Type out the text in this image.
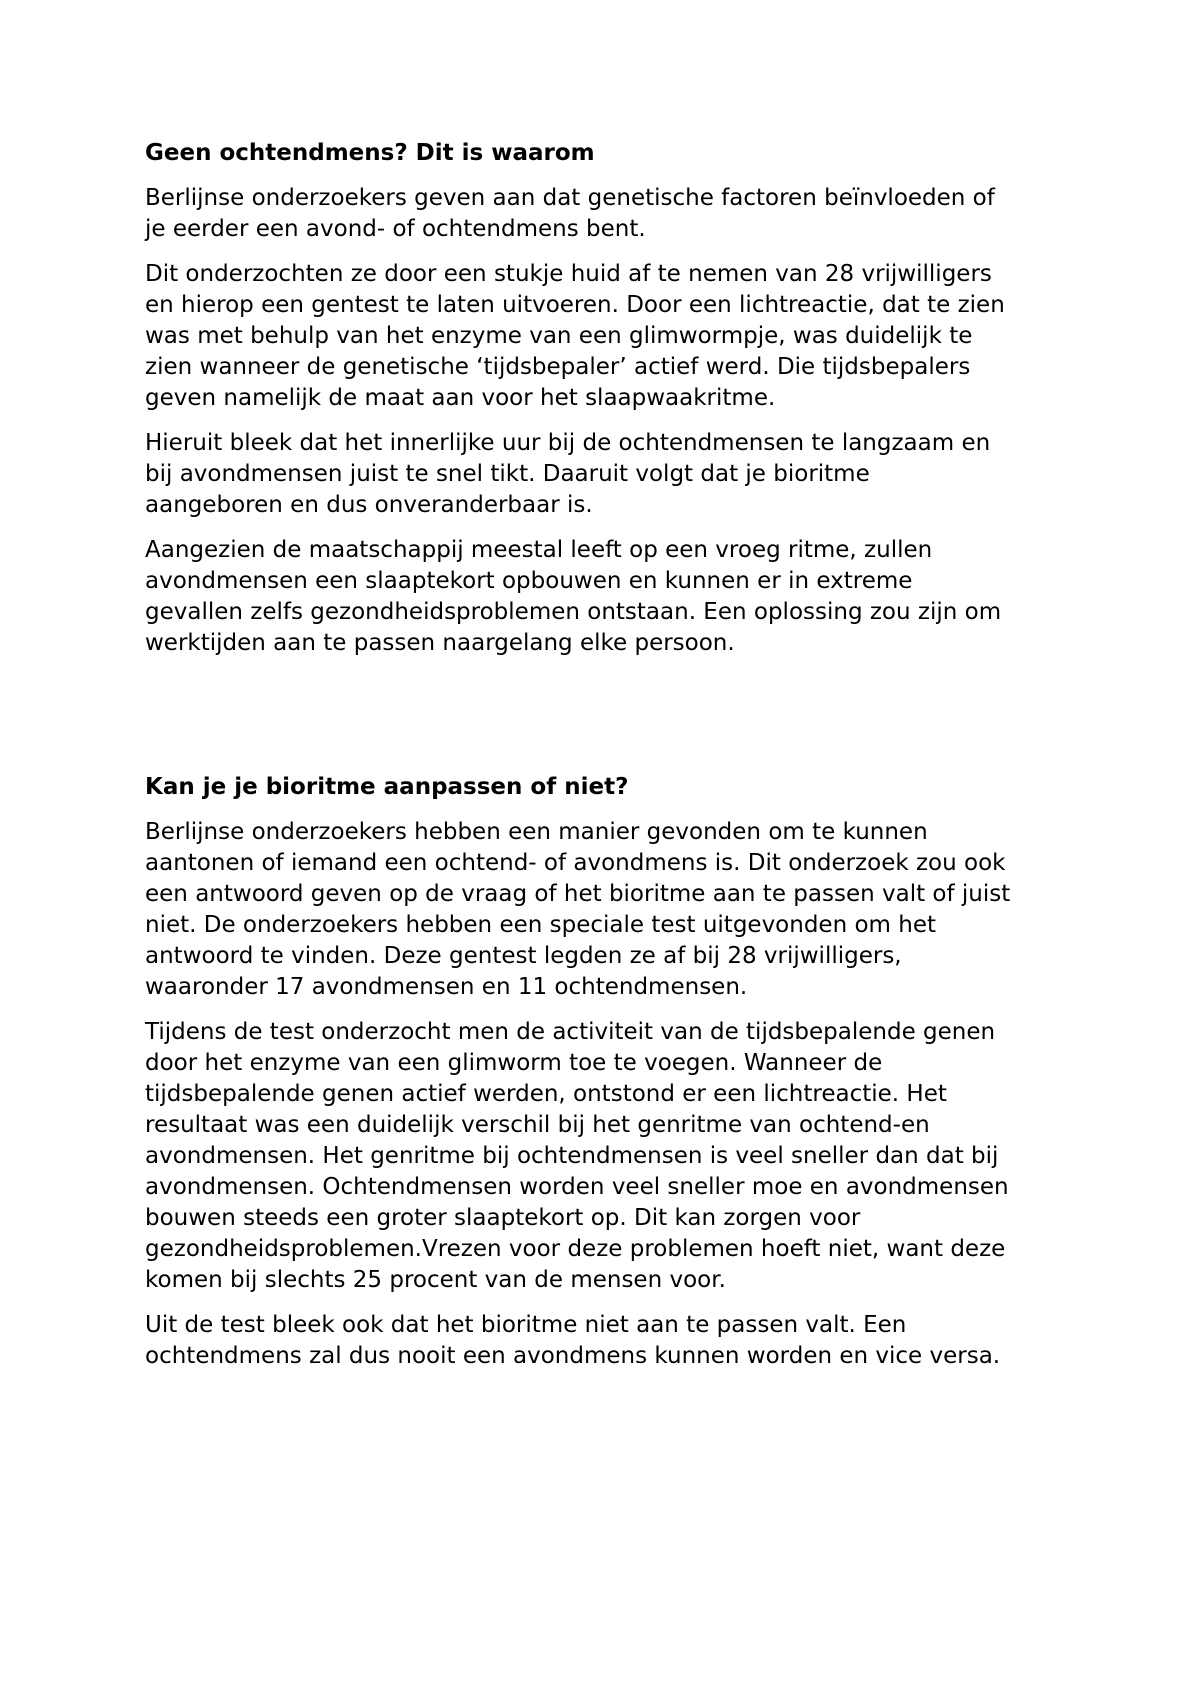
Geen ochtendmens? Dit is waarom

Berlijnse onderzoekers geven aan dat genetische factoren beïnvloeden of
je eerder een avond- of ochtendmens bent.

Dit onderzochten ze door een stukje huid af te nemen van 28 vrijwilligers
en hierop een gentest te laten uitvoeren. Door een lichtreactie, dat te zien
was met behulp van het enzyme van een glimwormpje, was duidelijk te
zien wanneer de genetische ‘tijdsbepaler’ actief werd. Die tijdsbepalers
geven namelijk de maat aan voor het slaapwaakritme.

Hieruit bleek dat het innerlijke uur bij de ochtendmensen te langzaam en
bij avondmensen juist te snel tikt. Daaruit volgt dat je bioritme
aangeboren en dus onveranderbaar is.

Aangezien de maatschappij meestal leeft op een vroeg ritme, zullen
avondmensen een slaaptekort opbouwen en kunnen er in extreme
gevallen zelfs gezondheidsproblemen ontstaan. Een oplossing zou zijn om
werktijden aan te passen naargelang elke persoon.

Kan je je bioritme aanpassen of niet?

Berlijnse onderzoekers hebben een manier gevonden om te kunnen
aantonen of iemand een ochtend- of avondmens is. Dit onderzoek zou ook
een antwoord geven op de vraag of het bioritme aan te passen valt of juist
niet. De onderzoekers hebben een speciale test uitgevonden om het
antwoord te vinden. Deze gentest legden ze af bij 28 vrijwilligers,
waaronder 17 avondmensen en 11 ochtendmensen.

Tijdens de test onderzocht men de activiteit van de tijdsbepalende genen
door het enzyme van een glimworm toe te voegen. Wanneer de
tijdsbepalende genen actief werden, ontstond er een lichtreactie. Het
resultaat was een duidelijk verschil bij het genritme van ochtend-en
avondmensen. Het genritme bij ochtendmensen is veel sneller dan dat bij
avondmensen. Ochtendmensen worden veel sneller moe en avondmensen
bouwen steeds een groter slaaptekort op. Dit kan zorgen voor
gezondheidsproblemen.Vrezen voor deze problemen hoeft niet, want deze
komen bij slechts 25 procent van de mensen voor.

Uit de test bleek ook dat het bioritme niet aan te passen valt. Een
ochtendmens zal dus nooit een avondmens kunnen worden en vice versa.
